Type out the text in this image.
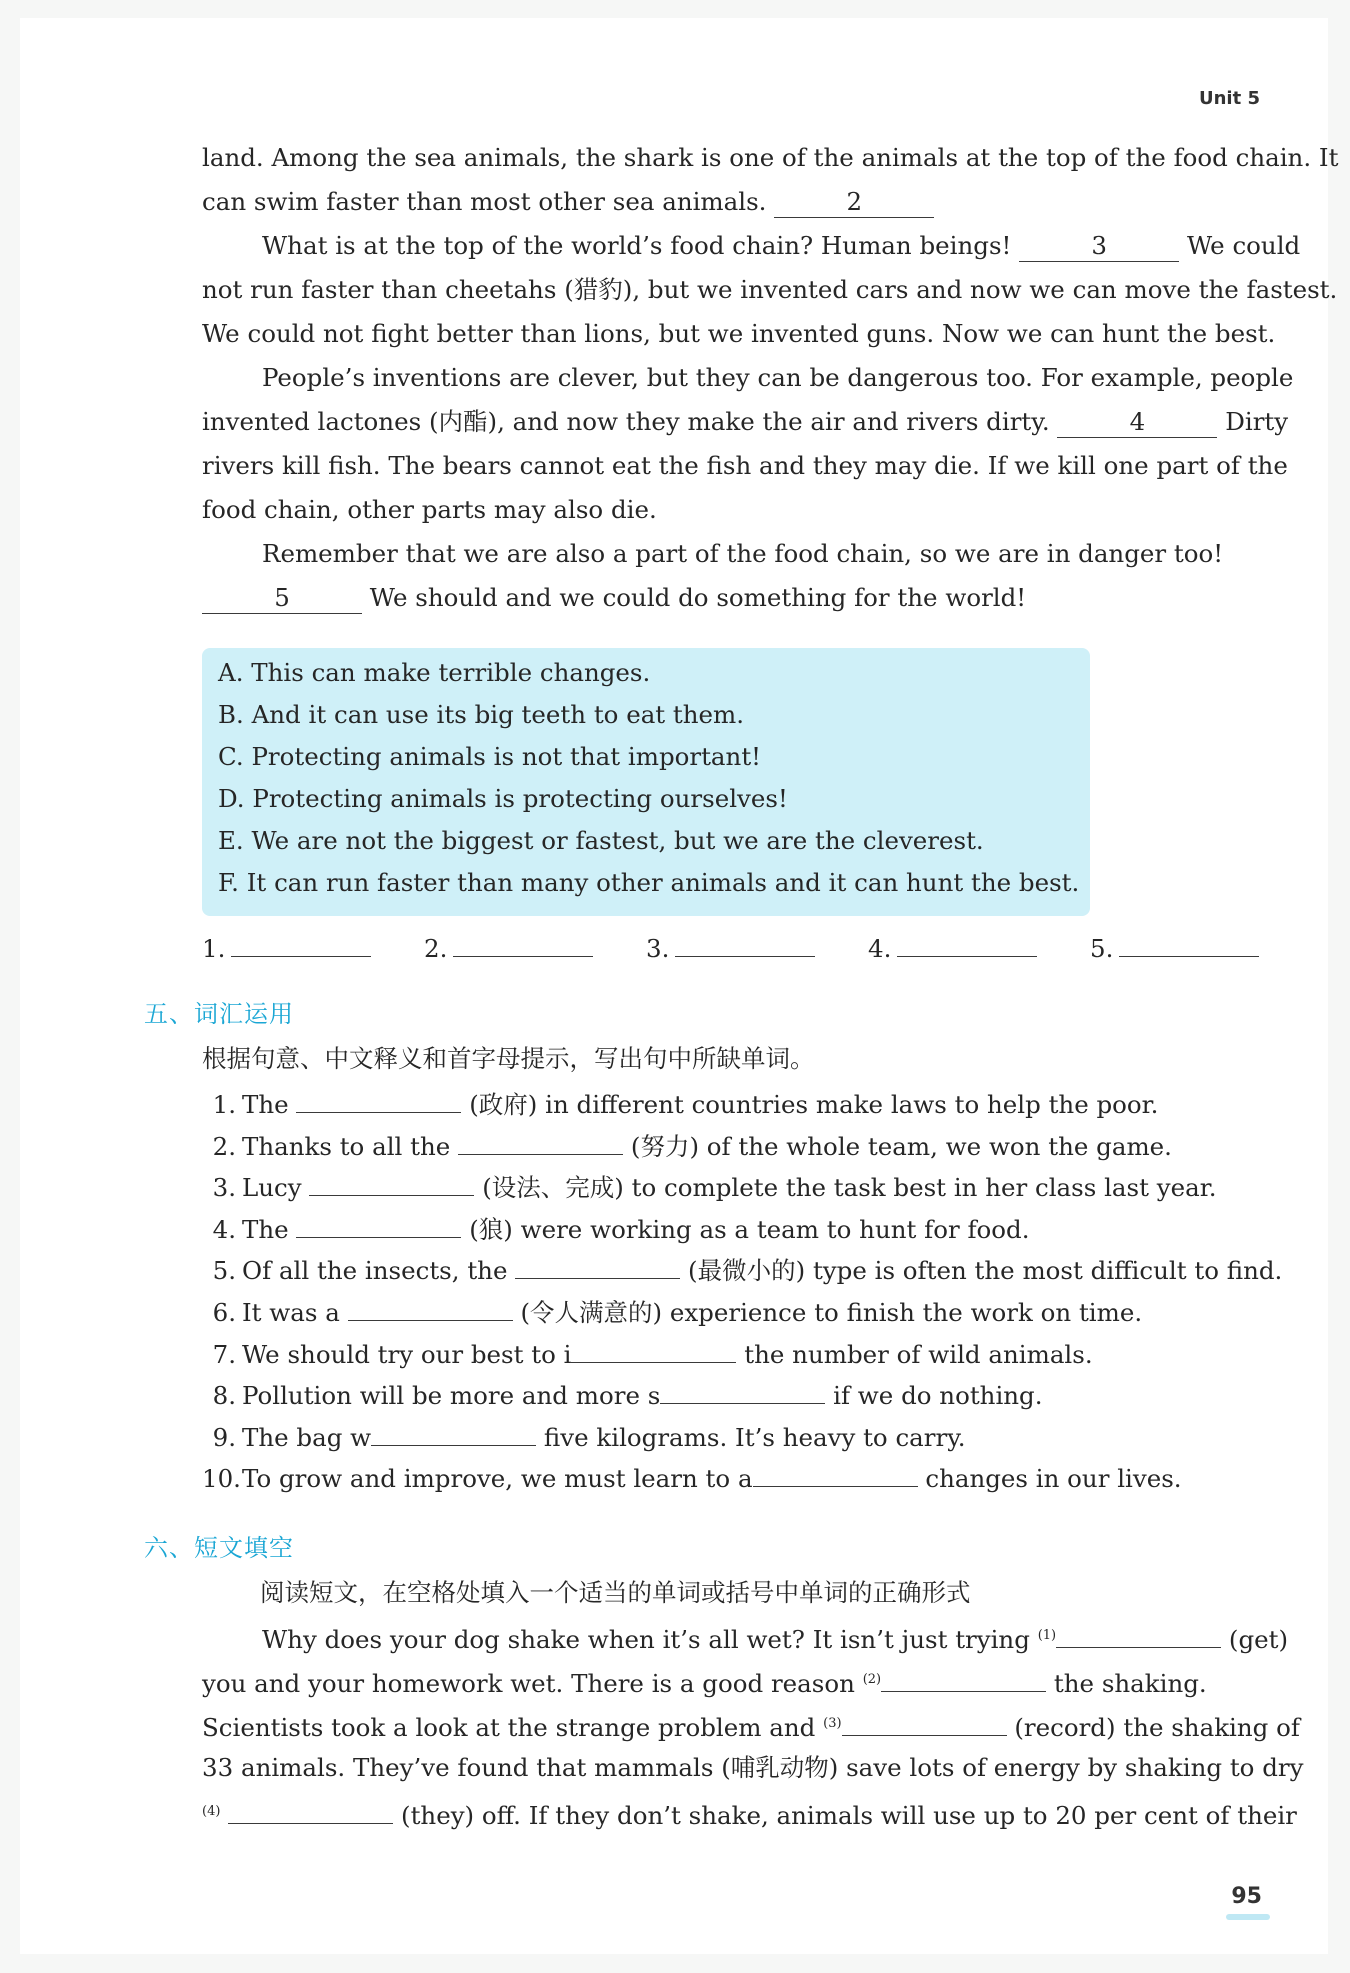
Unit 5
land. Among the sea animals, the shark is one of the animals at the top of the food chain. It
can swim faster than most other sea animals.	2
What is at the top of the world’s food chain? Human beings!	3	We could
not run faster than cheetahs (猎豹), but we invented cars and now we can move the fastest.
We could not fight better than lions, but we invented guns. Now we can hunt the best.
People’s inventions are clever, but they can be dangerous too. For example, people
invented lactones (内酯), and now they make the air and rivers dirty.	4	Dirty
rivers kill fish. The bears cannot eat the fish and they may die. If we kill one part of the
food chain, other parts may also die.
Remember that we are also a part of the food chain, so we are in danger too!
5	We should and we could do something for the world!
A. This can make terrible changes.
B. And it can use its big teeth to eat them.
C. Protecting animals is not that important!
D. Protecting animals is protecting ourselves!
E. We are not the biggest or fastest, but we are the cleverest.
F. It can run faster than many other animals and it can hunt the best.
1.	2.	3.	4.	5.
五、词汇运用
根据句意、中文释义和首字母提示，写出句中所缺单词。
1. The	(政府) in different countries make laws to help the poor.
2. Thanks to all the	(努力) of the whole team, we won the game.
3. Lucy	(设法、完成) to complete the task best in her class last year.
4. The	(狼) were working as a team to hunt for food.
5. Of all the insects, the	(最微小的) type is often the most difficult to find.
6. It was a	(令人满意的) experience to finish the work on time.
7. We should try our best to i	the number of wild animals.
8. Pollution will be more and more s	if we do nothing.
9. The bag w	five kilograms. It’s heavy to carry.
10.To grow and improve, we must learn to a	changes in our lives.
六、短文填空
阅读短文，在空格处填入一个适当的单词或括号中单词的正确形式
Why does your dog shake when it’s all wet? It isn’t just trying $^{(1)}$	(get)
you and your homework wet. There is a good reason $^{(2)}$	the shaking.
Scientists took a look at the strange problem and $^{(3)}$	(record) the shaking of
33 animals. They’ve found that mammals (哺乳动物) save lots of energy by shaking to dry
$^{(4)}$	(they) off. If they don’t shake, animals will use up to 20 per cent of their
95
